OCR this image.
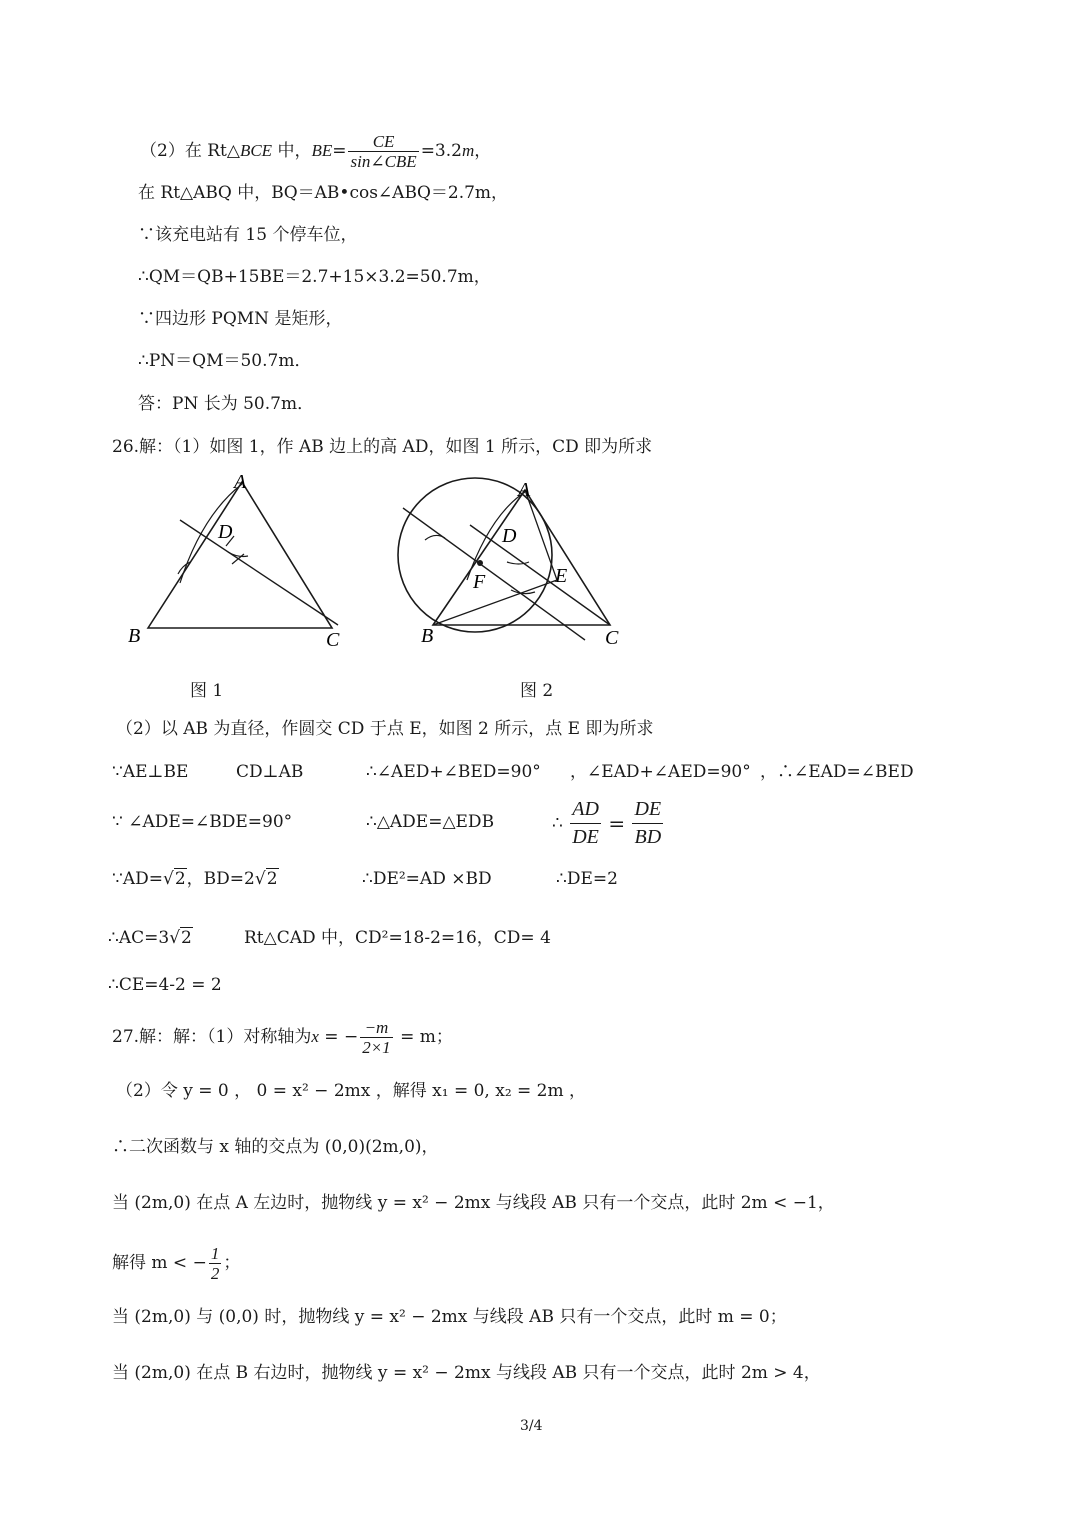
（2）在 Rt△BCE 中，$BE= \frac{CE}{\text{sin∠CBE}} =3.2m$，
在 Rt△ABQ 中，BQ＝AB•cos∠ABQ＝2.7m，
∵该充电站有 15 个停车位，
∴QM＝QB+15BE＝2.7+15×3.2=50.7m，
∵四边形 PQMN 是矩形，
∴PN＝QM＝50.7m．
答：PN 长为 50.7m．
26.解：（1）如图 1，作 AB 边上的高 AD，如图 1 所示，CD 即为所求
A
B	C
D
图 1
A
B	C
D
E
F
图 2
（2）以 AB 为直径，作圆交 CD 于点 E，如图 2 所示，点 E 即为所求
∵AE⊥BE	CD⊥AB	∴∠AED+∠BED=90° ，∠EAD+∠AED=90° ，∴∠EAD=∠BED
∵ ∠ADE=∠BDE=90°	∴△ADE=△EDB	∴ $\frac{AD}{DE} = \frac{DE}{BD}$
∵AD=√2，BD=2√2	∴DE²=AD ×BD	∴DE=2
∴AC=3√2	Rt△CAD 中，CD²=18-2=16，CD= 4
∴CE=4-2 = 2
27.解：解：（1）对称轴为x = − $\frac{-m}{2\times 1} = m$；
（2）令 y = 0 ， 0 = x² − 2mx ，解得 x₁ = 0, x₂ = 2m ，
∴二次函数与 x 轴的交点为 (0,0)(2m,0)，
当 (2m,0) 在点 A 左边时，抛物线 y = x² − 2mx 与线段 AB 只有一个交点，此时 2m < −1，
解得 m < − $\frac{1}{2}$ ；
当 (2m,0) 与 (0,0) 时，抛物线 y = x² − 2mx 与线段 AB 只有一个交点，此时 m = 0；
当 (2m,0) 在点 B 右边时，抛物线 y = x² − 2mx 与线段 AB 只有一个交点，此时 2m > 4，
3/4
